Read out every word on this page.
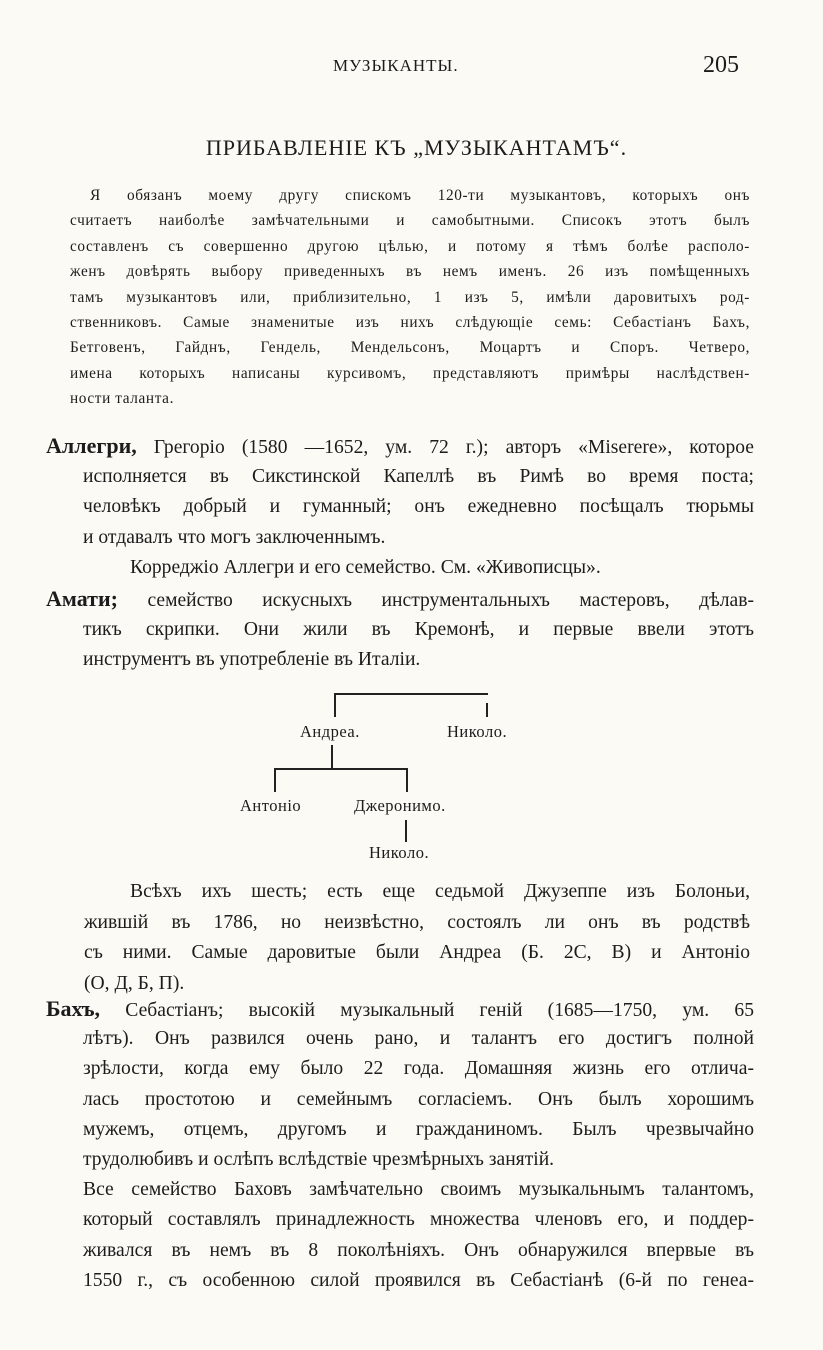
МУЗЫКАНТЫ.	205
ПРИБАВЛЕНІЕ КЪ „МУЗЫКАНТАМЪ“.
Я обязанъ моему другу спискомъ 120-ти музыкантовъ, которыхъ онъ
считаетъ наиболѣе замѣчательными и самобытными. Списокъ этотъ былъ
составленъ съ совершенно другою цѣлью, и потому я тѣмъ болѣе располо-
женъ довѣрять выбору приведенныхъ въ немъ именъ. 26 изъ помѣщенныхъ
тамъ музыкантовъ или, приблизительно, 1 изъ 5, имѣли даровитыхъ род-
ственниковъ. Самые знаменитые изъ нихъ слѣдующіе семь: Себастіанъ Бахъ,
Бетговенъ, Гайднъ, Гендель, Мендельсонъ, Моцартъ и Споръ. Четверо,
имена которыхъ написаны курсивомъ, представляютъ примѣры наслѣдствен-
ности таланта.
Аллегри, Грегоріо (1580 —1652, ум. 72 г.); авторъ «Miserere», которое
исполняется въ Сикстинской Капеллѣ въ Римѣ во время поста;
человѣкъ добрый и гуманный; онъ ежедневно посѣщалъ тюрьмы
и отдавалъ что могъ заключеннымъ.
Корреджіо Аллегри и его семейство. См. «Живописцы».
Амати; семейство искусныхъ инструментальныхъ мастеровъ, дѣлав-
тикъ скрипки. Они жили въ Кремонѣ, и первые ввели этотъ
инструментъ въ употребленіе въ Италіи.
Андреа.	Николо.
Антоніо	Джеронимо.
Николо.
Всѣхъ ихъ шесть; есть еще седьмой Джузеппе изъ Болоньи,
жившій въ 1786, но неизвѣстно, состоялъ ли онъ въ родствѣ
съ ними. Самые даровитые были Андреа (Б. 2С, В) и Антоніо
(О, Д, Б, П).
Бахъ, Себастіанъ; высокій музыкальный геній (1685—1750, ум. 65
лѣтъ). Онъ развился очень рано, и талантъ его достигъ полной
зрѣлости, когда ему было 22 года. Домашняя жизнь его отлича-
лась простотою и семейнымъ согласіемъ. Онъ былъ хорошимъ
мужемъ, отцемъ, другомъ и гражданиномъ. Былъ чрезвычайно
трудолюбивъ и ослѣпъ вслѣдствіе чрезмѣрныхъ занятій.
Все семейство Баховъ замѣчательно своимъ музыкальнымъ талантомъ,
который составлялъ принадлежность множества членовъ его, и поддер-
живался въ немъ въ 8 поколѣніяхъ. Онъ обнаружился впервые въ
1550 г., съ особенною силой проявился въ Себастіанѣ (6-й по генеа-
